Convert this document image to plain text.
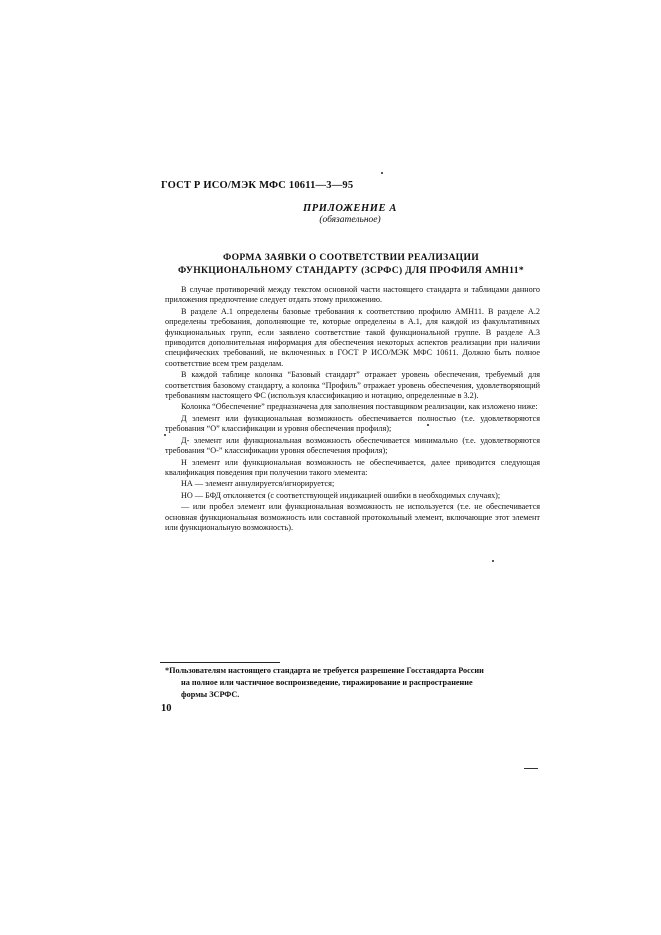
ГОСТ Р ИСО/МЭК МФС 10611—3—95
ПРИЛОЖЕНИЕ А
(обязательное)
ФОРМА ЗАЯВКИ О СООТВЕТСТВИИ РЕАЛИЗАЦИИ
ФУНКЦИОНАЛЬНОМУ СТАНДАРТУ (ЗСРФС) ДЛЯ ПРОФИЛЯ АМН11*

В случае противоречий между текстом основной части настоящего стандарта и таблицами данного приложения предпочтение следует отдать этому приложению.

В разделе А.1 определены базовые требования к соответствию профилю АМН11. В разделе А.2 определены требования, дополняющие те, которые определены в А.1, для каждой из факультативных функциональных групп, если заявлено соответствие такой функциональной группе. В разделе А.3 приводится дополнительная информация для обеспечения некоторых аспектов реализации при наличии специфических требований, не включенных в ГОСТ Р ИСО/МЭК МФС 10611. Должно быть полное соответствие всем трем разделам.

В каждой таблице колонка “Базовый стандарт” отражает уровень обеспечения, требуемый для соответствия базовому стандарту, а колонка “Профиль” отражает уровень обеспечения, удовлетворяющий требованиям настоящего ФС (используя классификацию и нотацию, определенные в 3.2).

Колонка “Обеспечение” предназначена для заполнения поставщиком реализации, как изложено ниже:

Д элемент или функциональная возможность обеспечивается полностью (т.е. удовлетворяются требования “О” классификации и уровня обеспечения профиля);

Д- элемент или функциональная возможность обеспечивается минимально (т.е. удовлетворяются требования “О-” классификации уровня обеспечения профиля);

Н элемент или функциональная возможность не обеспечивается, далее приводится следующая квалификация поведения при получении такого элемента:

НА — элемент аннулируется/игнорируется;

НО — БФД отклоняется (с соответствующей индикацией ошибки в необходимых случаях);

— или пробел элемент или функциональная возможность не используется (т.е. не обеспечивается основная функциональная возможность или составной протокольный элемент, включающие этот элемент или функциональную возможность).

*Пользователям настоящего стандарта не требуется разрешение Госстандарта России
на полное или частичное воспроизведение, тиражирование и распространение
формы ЗСРФС.
10
